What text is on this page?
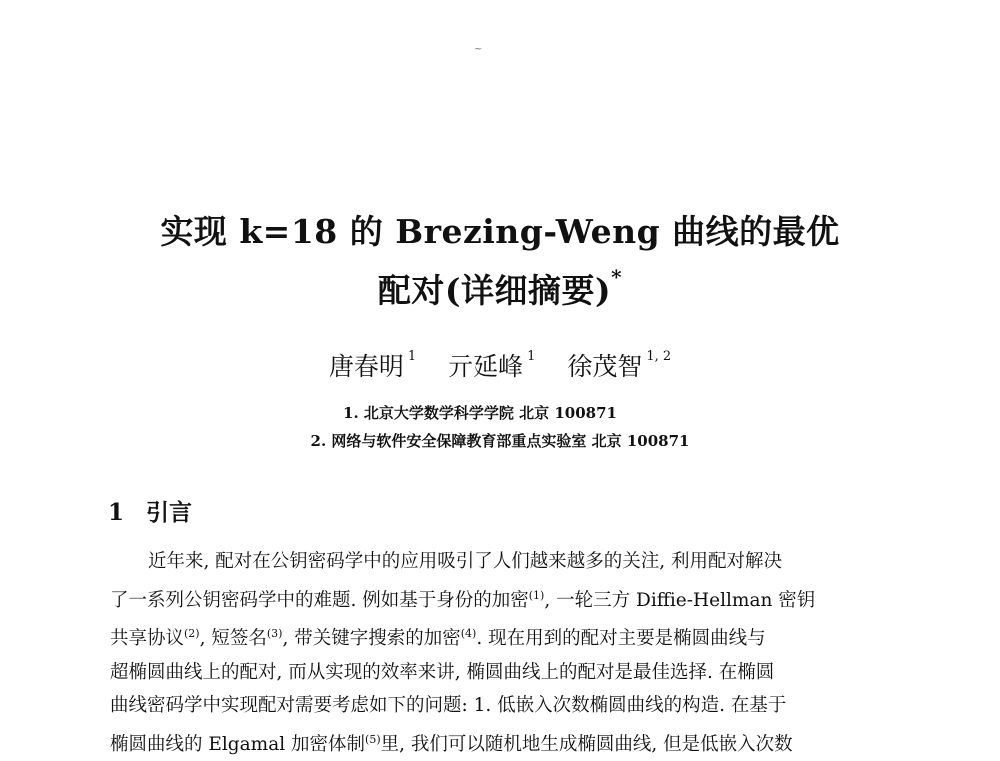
~
实现 k=18 的 Brezing-Weng 曲线的最优
配对(详细摘要)*
唐春明 $^1$ 亓延峰 $^1$ 徐茂智 $^{1, 2}$
1. 北京大学数学科学学院 北京 100871
2. 网络与软件安全保障教育部重点实验室 北京 100871
1 引言
近年来, 配对在公钥密码学中的应用吸引了人们越来越多的关注, 利用配对解决
了一系列公钥密码学中的难题. 例如基于身份的加密$^{(1)}$, 一轮三方 Diffie-Hellman 密钥
共享协议$^{(2)}$, 短签名$^{(3)}$, 带关键字搜索的加密$^{(4)}$. 现在用到的配对主要是椭圆曲线与
超椭圆曲线上的配对, 而从实现的效率来讲, 椭圆曲线上的配对是最佳选择. 在椭圆
曲线密码学中实现配对需要考虑如下的问题: 1. 低嵌入次数椭圆曲线的构造. 在基于
椭圆曲线的 Elgamal 加密体制$^{(5)}$里, 我们可以随机地生成椭圆曲线, 但是低嵌入次数
